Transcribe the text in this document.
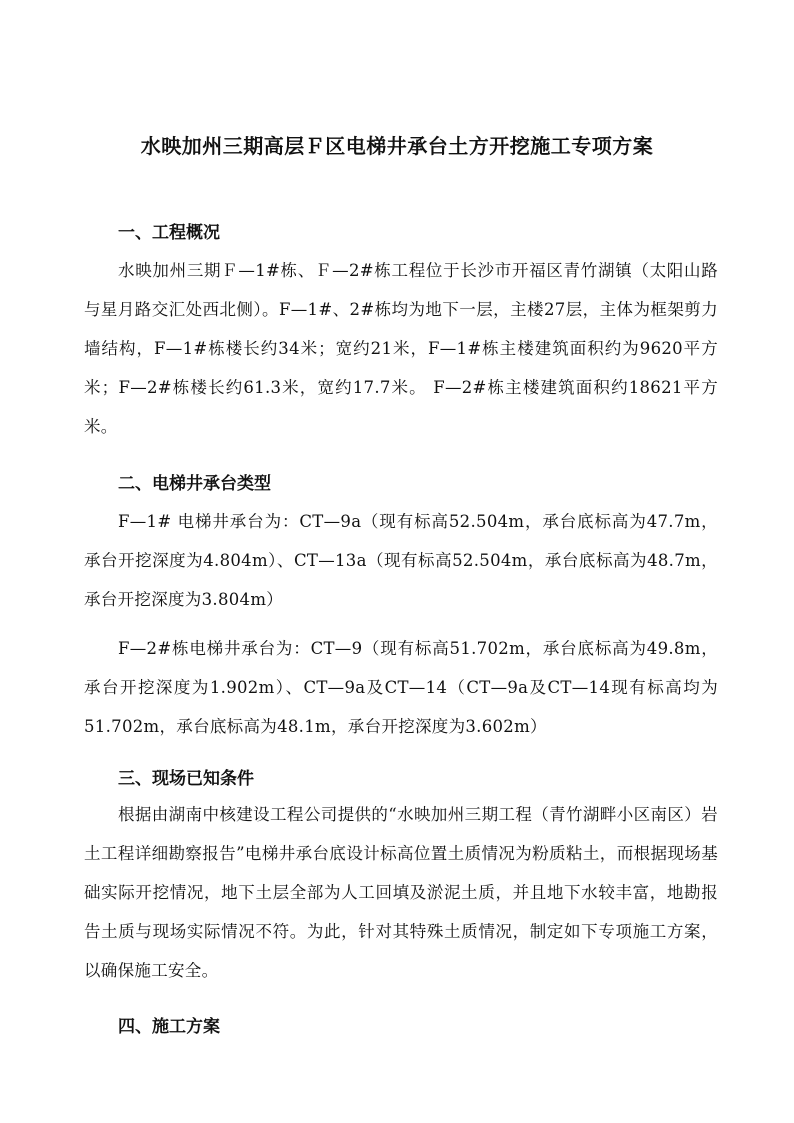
水映加州三期高层Ｆ区电梯井承台土方开挖施工专项方案
一、工程概况
水映加州三期Ｆ—1#栋、Ｆ—2#栋工程位于长沙市开福区青竹湖镇（太阳山路与星月路交汇处西北侧）。F—1#、2#栋均为地下一层，主楼27层，主体为框架剪力墙结构，F—1#栋楼长约34米；宽约21米，F—1#栋主楼建筑面积约为9620平方米；F—2#栋楼长约61.3米，宽约17.7米。 F—2#栋主楼建筑面积约18621平方米。
二、电梯井承台类型
F—1# 电梯井承台为：CT—9a（现有标高52.504m，承台底标高为47.7m，承台开挖深度为4.804m）、CT—13a（现有标高52.504m，承台底标高为48.7m，承台开挖深度为3.804m）
F—2#栋电梯井承台为：CT—9（现有标高51.702m，承台底标高为49.8m，承台开挖深度为1.902m）、CT—9a及CT—14（CT—9a及CT—14现有标高均为51.702m，承台底标高为48.1m，承台开挖深度为3.602m）
三、现场已知条件
根据由湖南中核建设工程公司提供的“水映加州三期工程（青竹湖畔小区南区）岩土工程详细勘察报告”电梯井承台底设计标高位置土质情况为粉质粘土，而根据现场基础实际开挖情况，地下土层全部为人工回填及淤泥土质，并且地下水较丰富，地勘报告土质与现场实际情况不符。为此，针对其特殊土质情况，制定如下专项施工方案，以确保施工安全。
四、施工方案
